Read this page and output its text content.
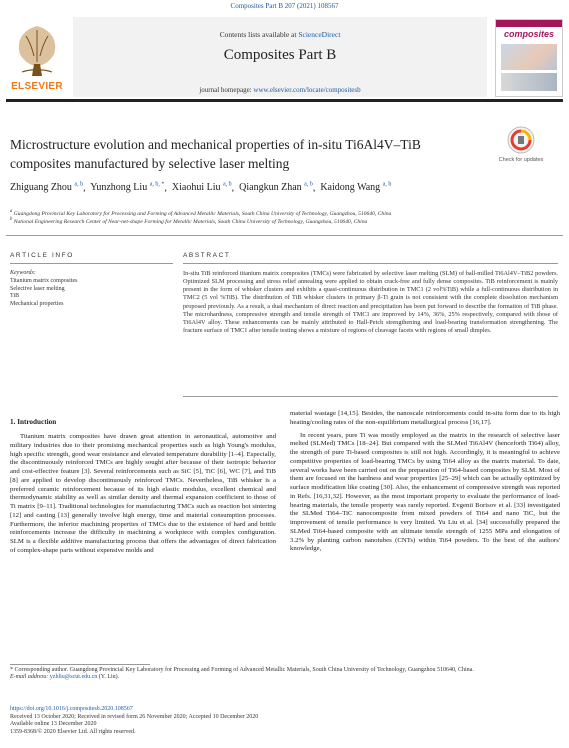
Composites Part B 207 (2021) 108567
ELSEVIER
Contents lists available at ScienceDirect
Composites Part B
journal homepage: www.elsevier.com/locate/compositesb
composites
Microstructure evolution and mechanical properties of in-situ Ti6Al4V–TiB composites manufactured by selective laser melting	Check for updates
Zhiguang Zhou $^{a, b}$,  Yunzhong Liu $^{a, b, *}$,  Xiaohui Liu $^{a, b}$,  Qiangkun Zhan $^{a, b}$,  Kaidong Wang $^{a, b}$
$^a$ Guangdong Provincial Key Laboratory for Processing and Forming of Advanced Metallic Materials, South China University of Technology, Guangzhou, 510640, China
$^b$ National Engineering Research Center of Near-net-shape Forming for Metallic Materials, South China University of Technology, Guangzhou, 510640, China
ARTICLE INFO	ABSTRACT
Keywords:
Titanium matrix composites
Selective laser melting
TiB
Mechanical properties
In-situ TiB reinforced titanium matrix composites (TMCs) were fabricated by selective laser melting (SLM) of ball-milled Ti6Al4V–TiB2 powders. Optimized SLM processing and stress relief annealing were applied to obtain crack-free and fully dense composites. TiB reinforcement is mainly present in the form of whisker clusters and exhibits a quasi-continuous distribution in TMC1 (2 vol%TiB) while a full-continuous distribution in TMC2 (5 vol %TiB). The distribution of TiB whisker clusters in primary β-Ti grain is not consistent with the complete dissolution mechanism proposed previously. As a result, a dual mechanism of direct reaction and precipitation has been put forward to describe the formation of TiB phase. The microhardness, compressive strength and tensile strength of TMC1 are improved by 14%, 36%, 25% respectively, compared with those of Ti6Al4V alloy. These enhancements can be mainly attributed to Hall-Petch strengthening and load-bearing transformation strengthening. The fracture surface of TMC1 after tensile testing shows a mixture of regions of cleavage facets with regions of small dimples.
1. Introduction

Titanium matrix composites have drawn great attention in aeronautical, automotive and military industries due to their promising mechanical properties such as high Young's modulus, high specific strength, good wear resistance and elevated temperature durability [1–4]. Especially, the discontinuously reinforced TMCs are highly sought after because of their isotropic behavior and cost-effective feature [3]. Several reinforcements such as SiC [5], TiC [6], WC [7], and TiB [8] are applied to develop discontinuously reinforced TMCs. Nevertheless, TiB whisker is a preferred ceramic reinforcement because of its high elastic modulus, excellent chemical and thermodynamic stability as well as similar density and thermal expansion coefficient to those of Ti matrix [9–11]. Traditional technologies for manufacturing TMCs such as reaction hot sintering [12] and casting [13] generally involve high energy, time and material consumption processes. Furthermore, the inferior machining properties of TMCs due to the existence of hard and brittle reinforcements increase the difficulty in machining a workpiece with complex configuration. SLM is a flexible additive manufacturing process that offers the advantages of direct fabrication of complex-shape parts without expensive molds and

material wastage [14,15]. Besides, the nanoscale reinforcements could in-situ form due to its high heating/cooling rates of the non-equilibrium metallurgical process [16,17].

In recent years, pure Ti was mostly employed as the matrix in the research of selective laser melted (SLMed) TMCs [18–24]. But compared with the SLMed Ti6Al4V (henceforth Ti64) alloy, the strength of pure Ti-based composites is still not high. Accordingly, it is meaningful to achieve competitive properties of load-bearing TMCs by using Ti64 alloy as the matrix material. To date, several works have been carried out on the preparation of Ti64-based composites by SLM. Most of them are focused on the hardness and wear properties [25–29] which can be actually optimized by surface modification like coating [30]. Also, the enhancement of compressive strength was reported in Refs. [16,31,32]. However, as the most important property to evaluate the performance of load-bearing materials, the tensile property was rarely reported. Evgenii Borisov et al. [33] investigated the SLMed Ti64–TiC nanocomposite from mixed powders of Ti64 and nano TiC, but the improvement of tensile performance is very limited. Yu Liu et al. [34] successfully prepared the SLMed Ti64-based composite with an ultimate tensile strength of 1255 MPa and elongation of 3.2% by planting carbon nanotubes (CNTs) within Ti64 powders. To the best of the authors' knowledge,

* Corresponding author. Guangdong Provincial Key Laboratory for Processing and Forming of Advanced Metallic Materials, South China University of Technology, Guangzhou 510640, China.
E-mail address: yzhliu@scut.edu.cn (Y. Liu).
https://doi.org/10.1016/j.compositesb.2020.108567
Received 13 October 2020; Received in revised form 26 November 2020; Accepted 10 December 2020
Available online 13 December 2020
1359-8368/© 2020 Elsevier Ltd. All rights reserved.
